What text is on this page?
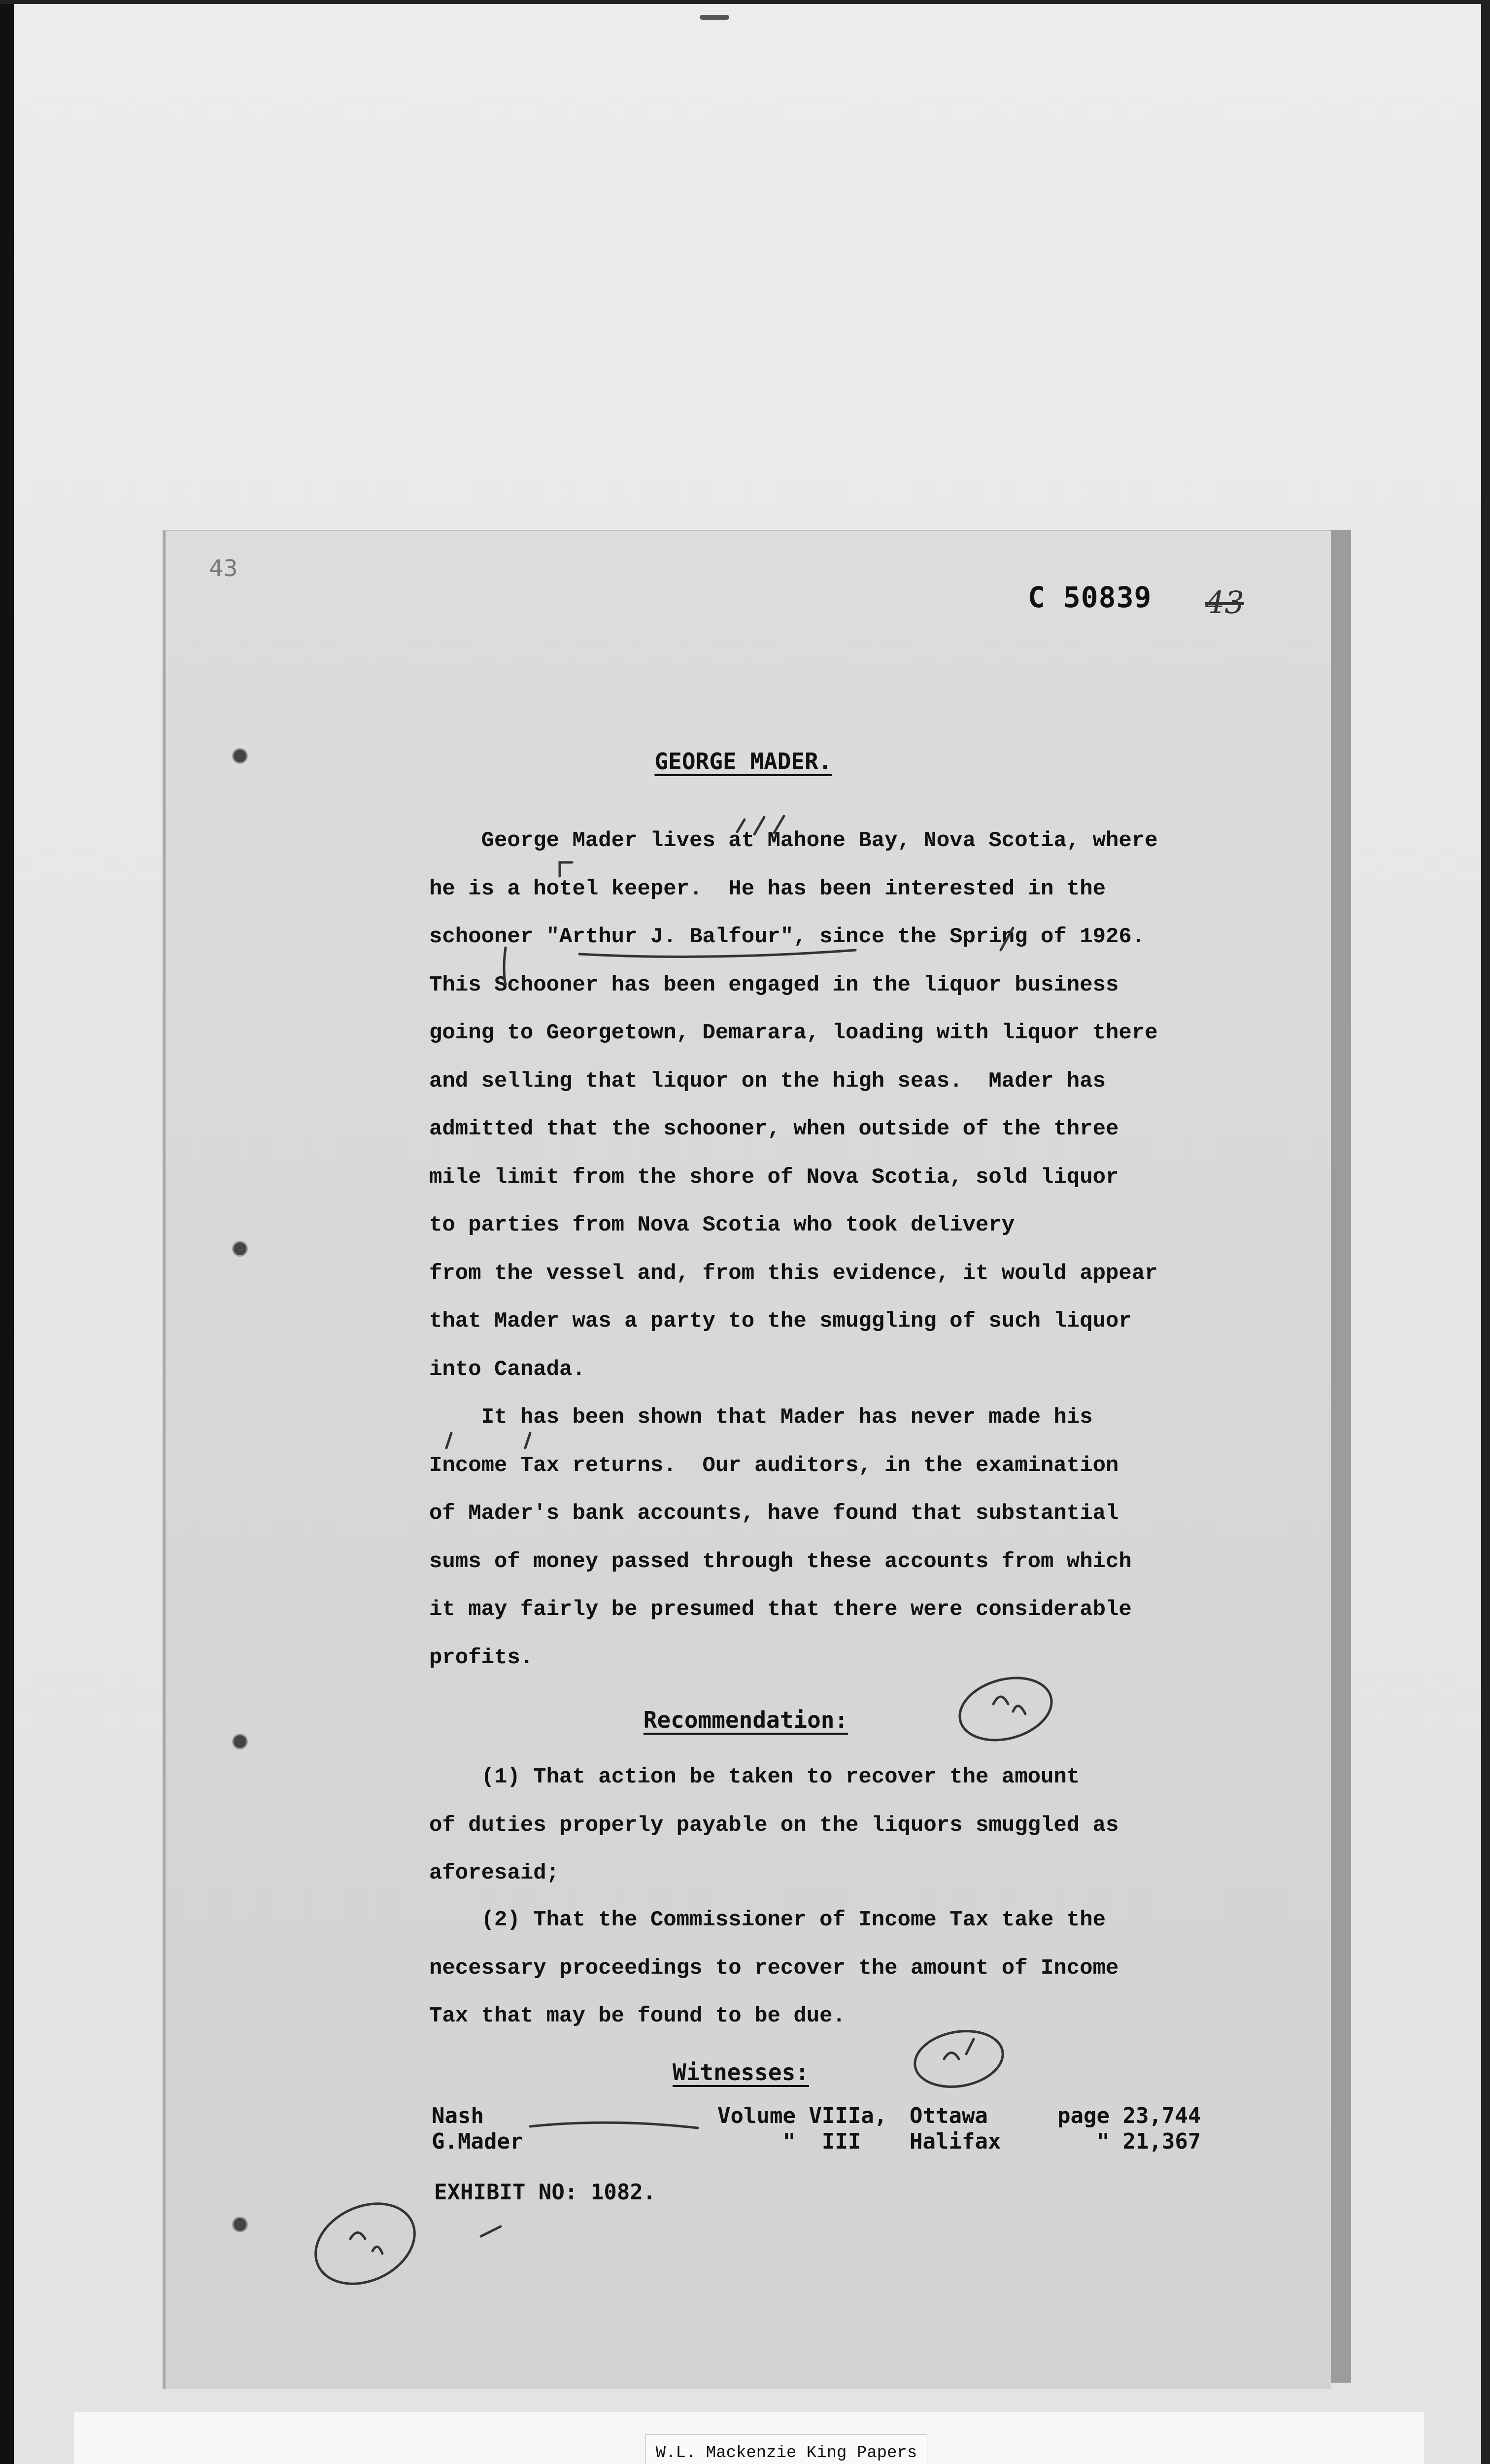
43
C 50839 43
GEORGE MADER.
George Mader lives at Mahone Bay, Nova Scotia, where
he is a hotel keeper.  He has been interested in the
schooner "Arthur J. Balfour", since the Spring of 1926.
This Schooner has been engaged in the liquor business
going to Georgetown, Demarara, loading with liquor there
and selling that liquor on the high seas.  Mader has
admitted that the schooner, when outside of the three
mile limit from the shore of Nova Scotia, sold liquor
to parties from Nova Scotia who took delivery
from the vessel and, from this evidence, it would appear
that Mader was a party to the smuggling of such liquor
into Canada.
It has been shown that Mader has never made his
Income Tax returns.  Our auditors, in the examination
of Mader's bank accounts, have found that substantial
sums of money passed through these accounts from which
it may fairly be presumed that there were considerable
profits.
Recommendation:
(1) That action be taken to recover the amount
of duties properly payable on the liquors smuggled as
aforesaid;
(2) That the Commissioner of Income Tax take the
necessary proceedings to recover the amount of Income
Tax that may be found to be due.
Witnesses:
Nash	Volume VIIIa,	Ottawa	page 23,744
G.Mader	"  III	Halifax	" 21,367
EXHIBIT NO: 1082.
W.L. Mackenzie King Papers
